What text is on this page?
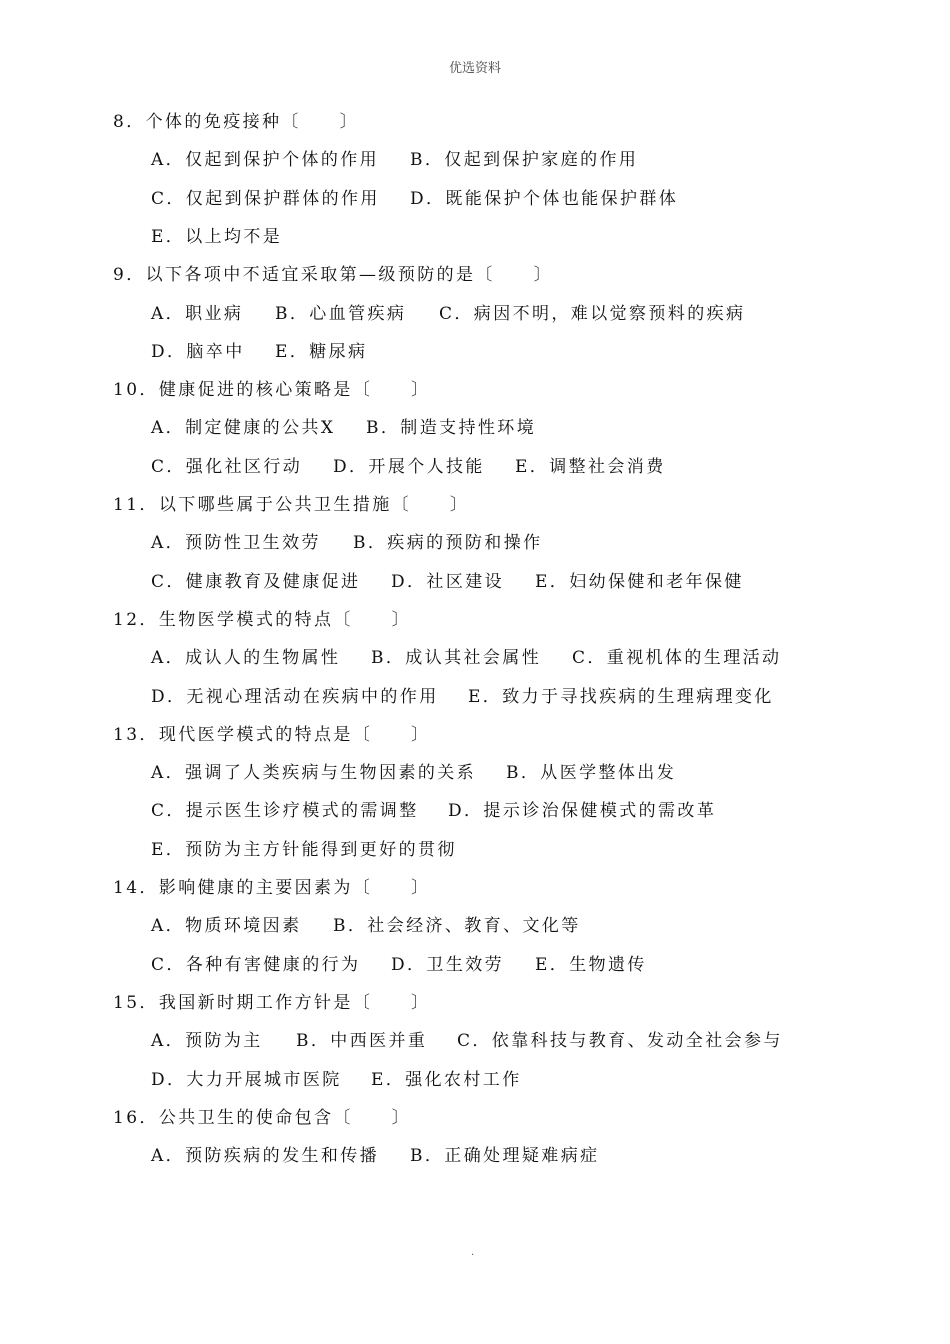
优选资料
8．个体的免疫接种〔　　〕
A．仅起到保护个体的作用 B．仅起到保护家庭的作用
C．仅起到保护群体的作用 D．既能保护个体也能保护群体
E．以上均不是
9．以下各项中不适宜采取第—级预防的是〔　　〕
A．职业病 B．心血管疾病 C．病因不明，难以觉察预料的疾病
D．脑卒中 E．糖尿病
10．健康促进的核心策略是〔　　〕
A．制定健康的公共X B．制造支持性环境
C．强化社区行动 D．开展个人技能 E．调整社会消费
11．以下哪些属于公共卫生措施〔　　〕
A．预防性卫生效劳 B．疾病的预防和操作
C．健康教育及健康促进 D．社区建设 E．妇幼保健和老年保健
12．生物医学模式的特点〔　　〕
A．成认人的生物属性 B．成认其社会属性 C．重视机体的生理活动
D．无视心理活动在疾病中的作用 E．致力于寻找疾病的生理病理变化
13．现代医学模式的特点是〔　　〕
A．强调了人类疾病与生物因素的关系 B．从医学整体出发
C．提示医生诊疗模式的需调整 D．提示诊治保健模式的需改革
E．预防为主方针能得到更好的贯彻
14．影响健康的主要因素为〔　　〕
A．物质环境因素 B．社会经济、教育、文化等
C．各种有害健康的行为 D．卫生效劳 E．生物遗传
15．我国新时期工作方针是〔　　〕
A．预防为主 B．中西医并重 C．依靠科技与教育、发动全社会参与
D．大力开展城市医院 E．强化农村工作
16．公共卫生的使命包含〔　　〕
A．预防疾病的发生和传播 B．正确处理疑难病症
.
